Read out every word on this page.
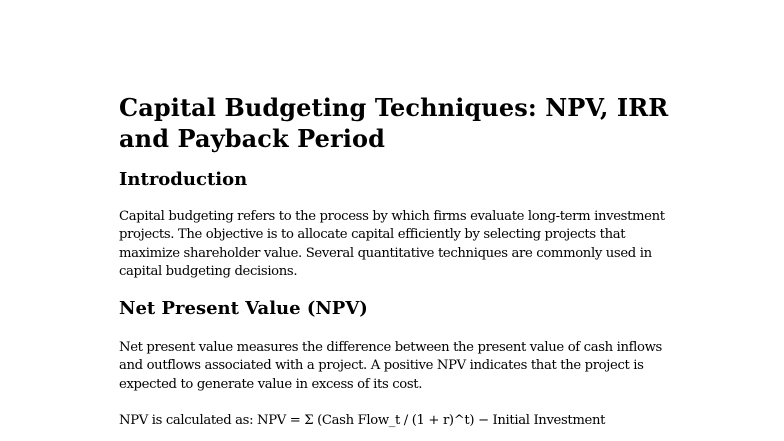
Capital Budgeting Techniques: NPV, IRR and Payback Period
Introduction

Capital budgeting refers to the process by which firms evaluate long-term investment projects. The objective is to allocate capital efficiently by selecting projects that maximize shareholder value. Several quantitative techniques are commonly used in capital budgeting decisions.

Net Present Value (NPV)

Net present value measures the difference between the present value of cash inflows and outflows associated with a project. A positive NPV indicates that the project is expected to generate value in excess of its cost.

NPV is calculated as: NPV = Σ (Cash Flow_t / (1 + r)^t) − Initial Investment
